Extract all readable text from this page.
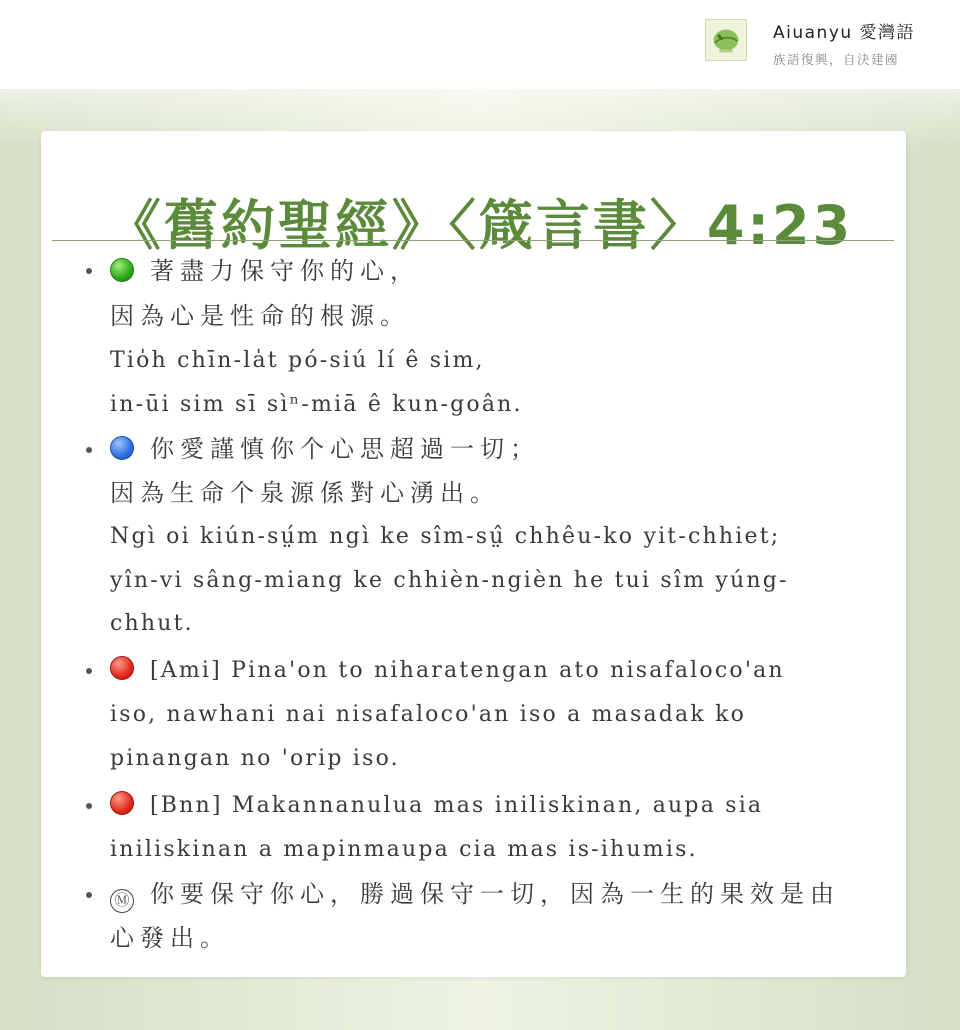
Aiuanyu 愛灣語
族語復興，自決建國
《舊約聖經》〈箴言書〉4:23
著盡力保守你的心，
因為心是性命的根源。
Tio̍h chīn-la̍t pó-siú lí ê sim,
in-ūi sim sī sìⁿ-miā ê kun-goân.
你愛謹慎你个心思超過一切；
因為生命个泉源係對心湧出。
Ngì oi kiún-sṳ́m ngì ke sîm-sṳ̂ chhêu-ko yit-chhiet;
yîn-vi sâng-miang ke chhièn-ngièn he tui sîm yúng-
chhut.
[Ami] Pina'on to niharatengan ato nisafaloco'an
iso, nawhani nai nisafaloco'an iso a masadak ko
pinangan no 'orip iso.
[Bnn] Makannanulua mas iniliskinan, aupa sia
iniliskinan a mapinmaupa cia mas is-ihumis.
Ⓜ 你要保守你心，勝過保守一切，因為一生的果效是由
心發出。
